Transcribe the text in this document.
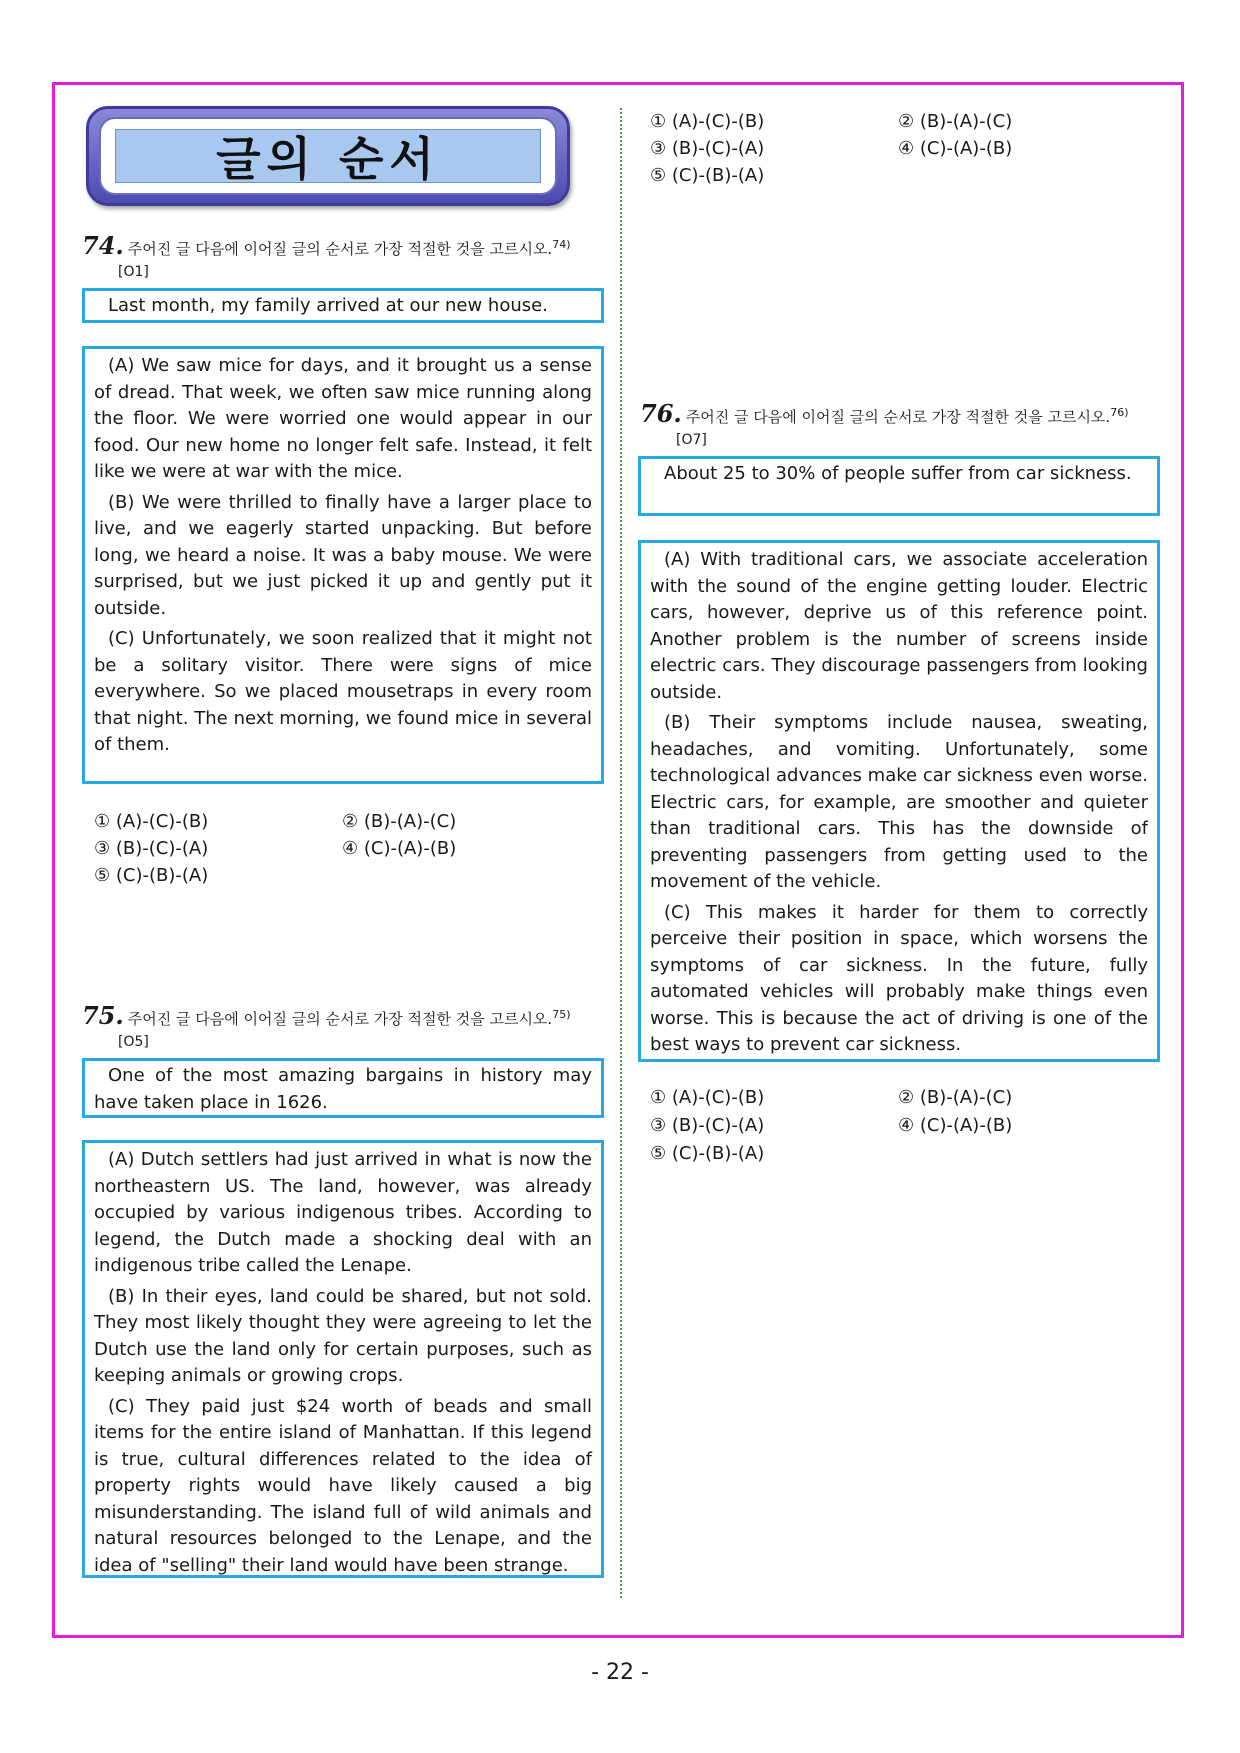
글의 순서
74. 주어진 글 다음에 이어질 글의 순서로 가장 적절한 것을 고르시오.$^{74)}$
[O1]
Last month, my family arrived at our new house.

(A) We saw mice for days, and it brought us a sense of dread. That week, we often saw mice running along the floor. We were worried one would appear in our food. Our new home no longer felt safe. Instead, it felt like we were at war with the mice.

(B) We were thrilled to finally have a larger place to live, and we eagerly started unpacking. But before long, we heard a noise. It was a baby mouse. We were surprised, but we just picked it up and gently put it outside.

(C) Unfortunately, we soon realized that it might not be a solitary visitor. There were signs of mice everywhere. So we placed mousetraps in every room that night. The next morning, we found mice in several of them.

① (A)-(C)-(B)	② (B)-(A)-(C)
③ (B)-(C)-(A)	④ (C)-(A)-(B)
⑤ (C)-(B)-(A)
75. 주어진 글 다음에 이어질 글의 순서로 가장 적절한 것을 고르시오.$^{75)}$
[O5]
One of the most amazing bargains in history may have taken place in 1626.

(A) Dutch settlers had just arrived in what is now the northeastern US. The land, however, was already occupied by various indigenous tribes. According to legend, the Dutch made a shocking deal with an indigenous tribe called the Lenape.

(B) In their eyes, land could be shared, but not sold. They most likely thought they were agreeing to let the Dutch use the land only for certain purposes, such as keeping animals or growing crops.

(C) They paid just $24 worth of beads and small items for the entire island of Manhattan. If this legend is true, cultural differences related to the idea of property rights would have likely caused a big misunderstanding. The island full of wild animals and natural resources belonged to the Lenape, and the idea of "selling" their land would have been strange.

① (A)-(C)-(B)	② (B)-(A)-(C)
③ (B)-(C)-(A)	④ (C)-(A)-(B)
⑤ (C)-(B)-(A)
76. 주어진 글 다음에 이어질 글의 순서로 가장 적절한 것을 고르시오.$^{76)}$
[O7]
About 25 to 30% of people suffer from car sickness.

(A) With traditional cars, we associate acceleration with the sound of the engine getting louder. Electric cars, however, deprive us of this reference point. Another problem is the number of screens inside electric cars. They discourage passengers from looking outside.

(B) Their symptoms include nausea, sweating, headaches, and vomiting. Unfortunately, some technological advances make car sickness even worse. Electric cars, for example, are smoother and quieter than traditional cars. This has the downside of preventing passengers from getting used to the movement of the vehicle.

(C) This makes it harder for them to correctly perceive their position in space, which worsens the symptoms of car sickness. In the future, fully automated vehicles will probably make things even worse. This is because the act of driving is one of the best ways to prevent car sickness.

① (A)-(C)-(B)	② (B)-(A)-(C)
③ (B)-(C)-(A)	④ (C)-(A)-(B)
⑤ (C)-(B)-(A)
- 22 -
